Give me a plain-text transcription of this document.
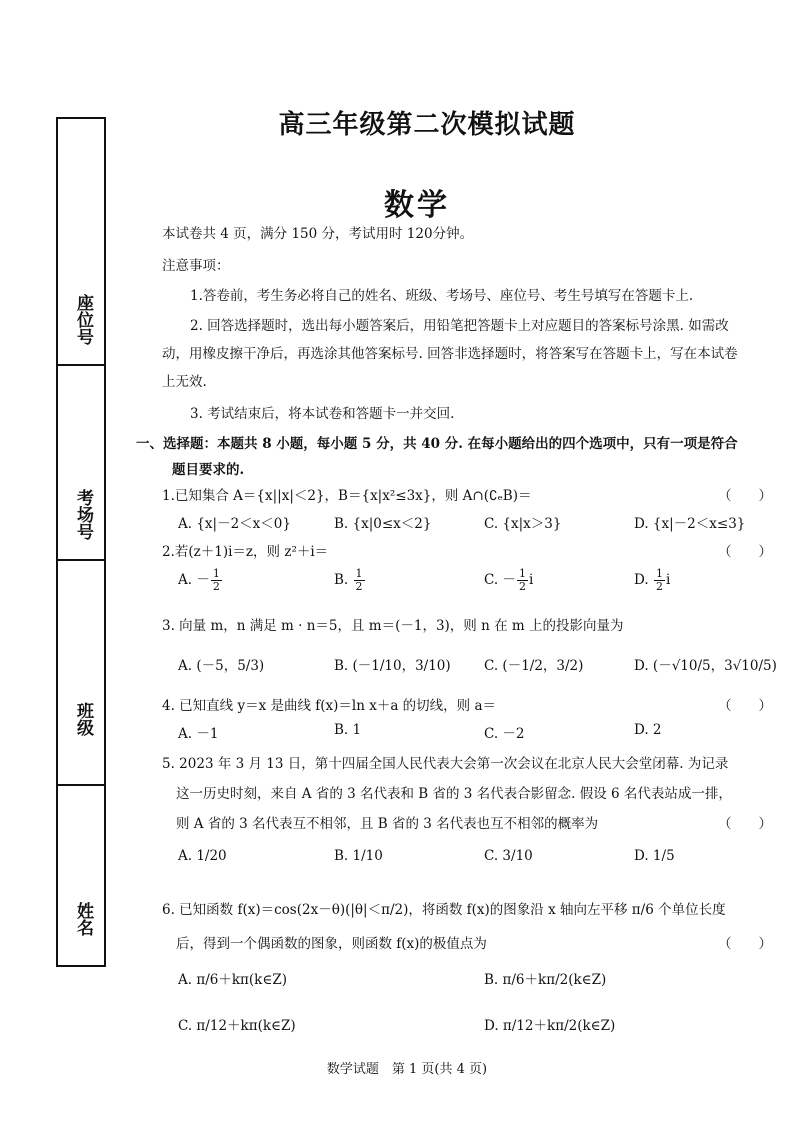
座位号
考场号
班级
姓名
高三年级第二次模拟试题
数学
本试卷共 4 页，满分 150 分，考试用时 120分钟。
注意事项：
1.答卷前，考生务必将自己的姓名、班级、考场号、座位号、考生号填写在答题卡上.
2. 回答选择题时，选出每小题答案后，用铅笔把答题卡上对应题目的答案标号涂黑. 如需改
动，用橡皮擦干净后，再选涂其他答案标号. 回答非选择题时，将答案写在答题卡上，写在本试卷
上无效.
3. 考试结束后，将本试卷和答题卡一并交回.
一、选择题：本题共 8 小题，每小题 5 分，共 40 分. 在每小题给出的四个选项中，只有一项是符合
题目要求的.
1.已知集合 A＝{x||x|＜2}，B＝{x|x²≤3x}，则 A∩(∁ₑB)＝	（　　）
A. {x|－2＜x＜0}	B. {x|0≤x＜2}	C. {x|x＞3}	D. {x|－2＜x≤3}
2.若(z＋1)i＝z，则 z²＋i＝	（　　）
A. － $\frac{1}{2}$	B. $\frac{1}{2}$	C. － $\frac{1}{2}$ i	D. $\frac{1}{2}$ i
3. 向量 m，n 满足 m · n＝5，且 m＝(－1，3)，则 n 在 m 上的投影向量为
A. (－5，5/3)	B. (－1/10，3/10) C. (－1/2，3/2)	D. (－√10/5，3√10/5)
4. 已知直线 y＝x 是曲线 f(x)＝ln x＋a 的切线，则 a＝	（　　）
A. －1	B. 1	C. －2	D. 2
5. 2023 年 3 月 13 日，第十四届全国人民代表大会第一次会议在北京人民大会堂闭幕. 为记录
这一历史时刻，来自 A 省的 3 名代表和 B 省的 3 名代表合影留念. 假设 6 名代表站成一排，
则 A 省的 3 名代表互不相邻，且 B 省的 3 名代表也互不相邻的概率为	（　　）
A. 1/20	B. 1/10	C. 3/10	D. 1/5
6. 已知函数 f(x)＝cos(2x－θ)(|θ|＜π/2)，将函数 f(x)的图象沿 x 轴向左平移 π/6 个单位长度
后，得到一个偶函数的图象，则函数 f(x)的极值点为	（　　）
A. π/6＋kπ(k∈Z)	B. π/6＋kπ/2(k∈Z)
C. π/12＋kπ(k∈Z)	D. π/12＋kπ/2(k∈Z)
数学试题　第 1 页(共 4 页)
